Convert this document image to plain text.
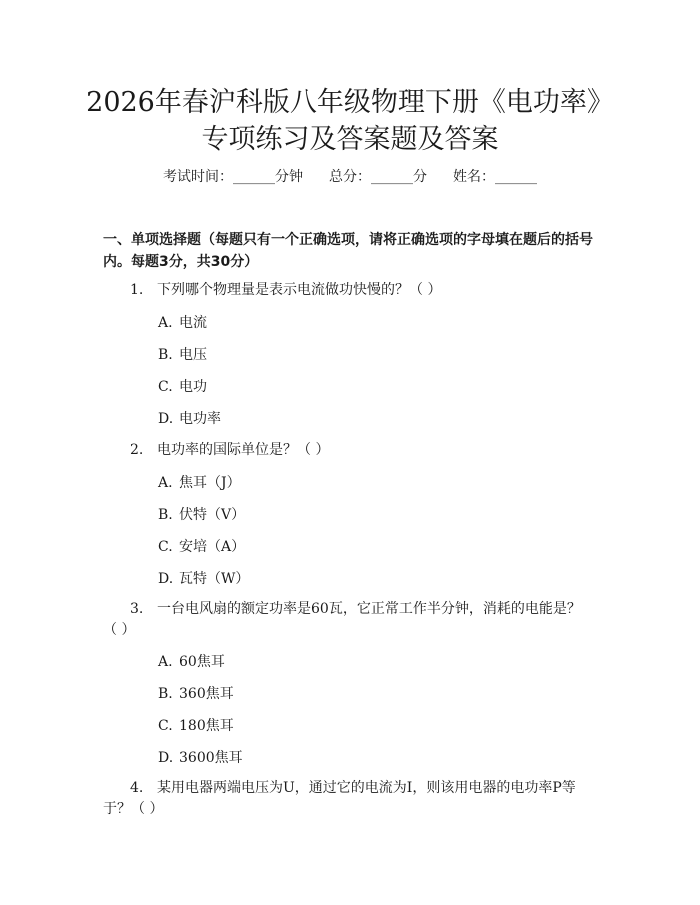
2026年春沪科版八年级物理下册《电功率》
专项练习及答案题及答案
考试时间：______分钟 总分：______分 姓名：______
一、单项选择题（每题只有一个正确选项，请将正确选项的字母填在题后的括号内。每题3分，共30分）
1. 下列哪个物理量是表示电流做功快慢的？（ ）
A. 电流
B. 电压
C. 电功
D. 电功率
2. 电功率的国际单位是？（ ）
A. 焦耳（J）
B. 伏特（V）
C. 安培（A）
D. 瓦特（W）
3. 一台电风扇的额定功率是60瓦，它正常工作半分钟，消耗的电能是？（ ）
A. 60焦耳
B. 360焦耳
C. 180焦耳
D. 3600焦耳
4. 某用电器两端电压为U，通过它的电流为I，则该用电器的电功率P等于？（ ）
